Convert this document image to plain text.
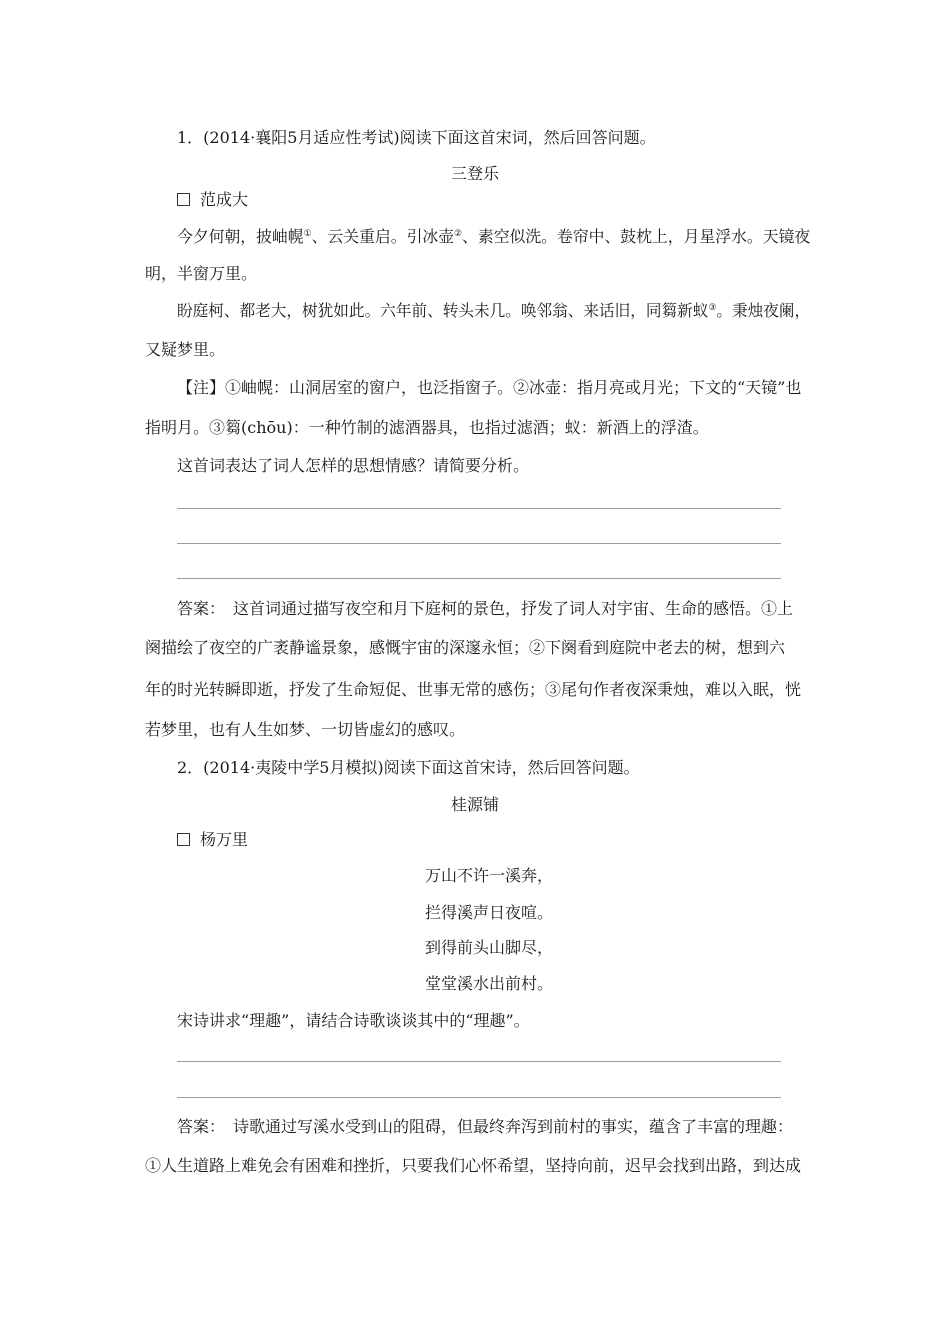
1．(2014·襄阳5月适应性考试)阅读下面这首宋词，然后回答问题。
三登乐
范成大
今夕何朝，披岫幌①、云关重启。引冰壶②、素空似洗。卷帘中、鼓枕上，月星浮水。天镜夜
明，半窗万里。
盼庭柯、都老大，树犹如此。六年前、转头未几。唤邻翁、来话旧，同篘新蚁③。秉烛夜阑，
又疑梦里。
【注】①岫幌：山洞居室的窗户，也泛指窗子。②冰壶：指月亮或月光；下文的“天镜”也
指明月。③篘(chōu)：一种竹制的滤酒器具，也指过滤酒；蚁：新酒上的浮渣。
这首词表达了词人怎样的思想情感？请简要分析。
答案：　这首词通过描写夜空和月下庭柯的景色，抒发了词人对宇宙、生命的感悟。①上
阕描绘了夜空的广袤静谧景象，感慨宇宙的深邃永恒；②下阕看到庭院中老去的树，想到六
年的时光转瞬即逝，抒发了生命短促、世事无常的感伤；③尾句作者夜深秉烛，难以入眠，恍
若梦里，也有人生如梦、一切皆虚幻的感叹。
2．(2014·夷陵中学5月模拟)阅读下面这首宋诗，然后回答问题。
桂源铺
杨万里
万山不许一溪奔，
拦得溪声日夜喧。
到得前头山脚尽，
堂堂溪水出前村。
宋诗讲求“理趣”，请结合诗歌谈谈其中的“理趣”。
答案：　诗歌通过写溪水受到山的阻碍，但最终奔泻到前村的事实，蕴含了丰富的理趣：
①人生道路上难免会有困难和挫折，只要我们心怀希望，坚持向前，迟早会找到出路，到达成
